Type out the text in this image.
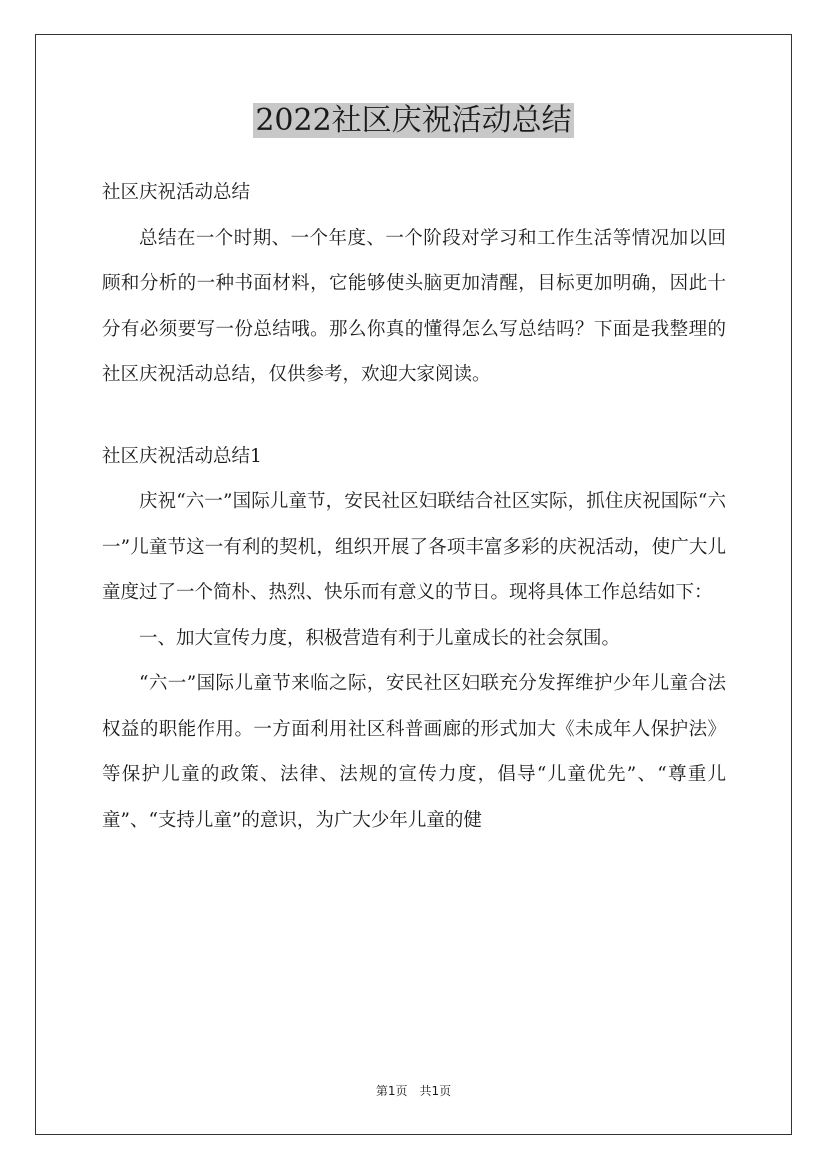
2022社区庆祝活动总结

社区庆祝活动总结

总结在一个时期、一个年度、一个阶段对学习和工作生活等情况加以回顾和分析的一种书面材料，它能够使头脑更加清醒，目标更加明确，因此十分有必须要写一份总结哦。那么你真的懂得怎么写总结吗？下面是我整理的社区庆祝活动总结，仅供参考，欢迎大家阅读。

社区庆祝活动总结1

庆祝“六一”国际儿童节，安民社区妇联结合社区实际，抓住庆祝国际“六一”儿童节这一有利的契机，组织开展了各项丰富多彩的庆祝活动，使广大儿童度过了一个简朴、热烈、快乐而有意义的节日。现将具体工作总结如下：

一、加大宣传力度，积极营造有利于儿童成长的社会氛围。

“六一”国际儿童节来临之际，安民社区妇联充分发挥维护少年儿童合法权益的职能作用。一方面利用社区科普画廊的形式加大《未成年人保护法》等保护儿童的政策、法律、法规的宣传力度，倡导“儿童优先”、“尊重儿童”、“支持儿童”的意识，为广大少年儿童的健

第1页　共1页
